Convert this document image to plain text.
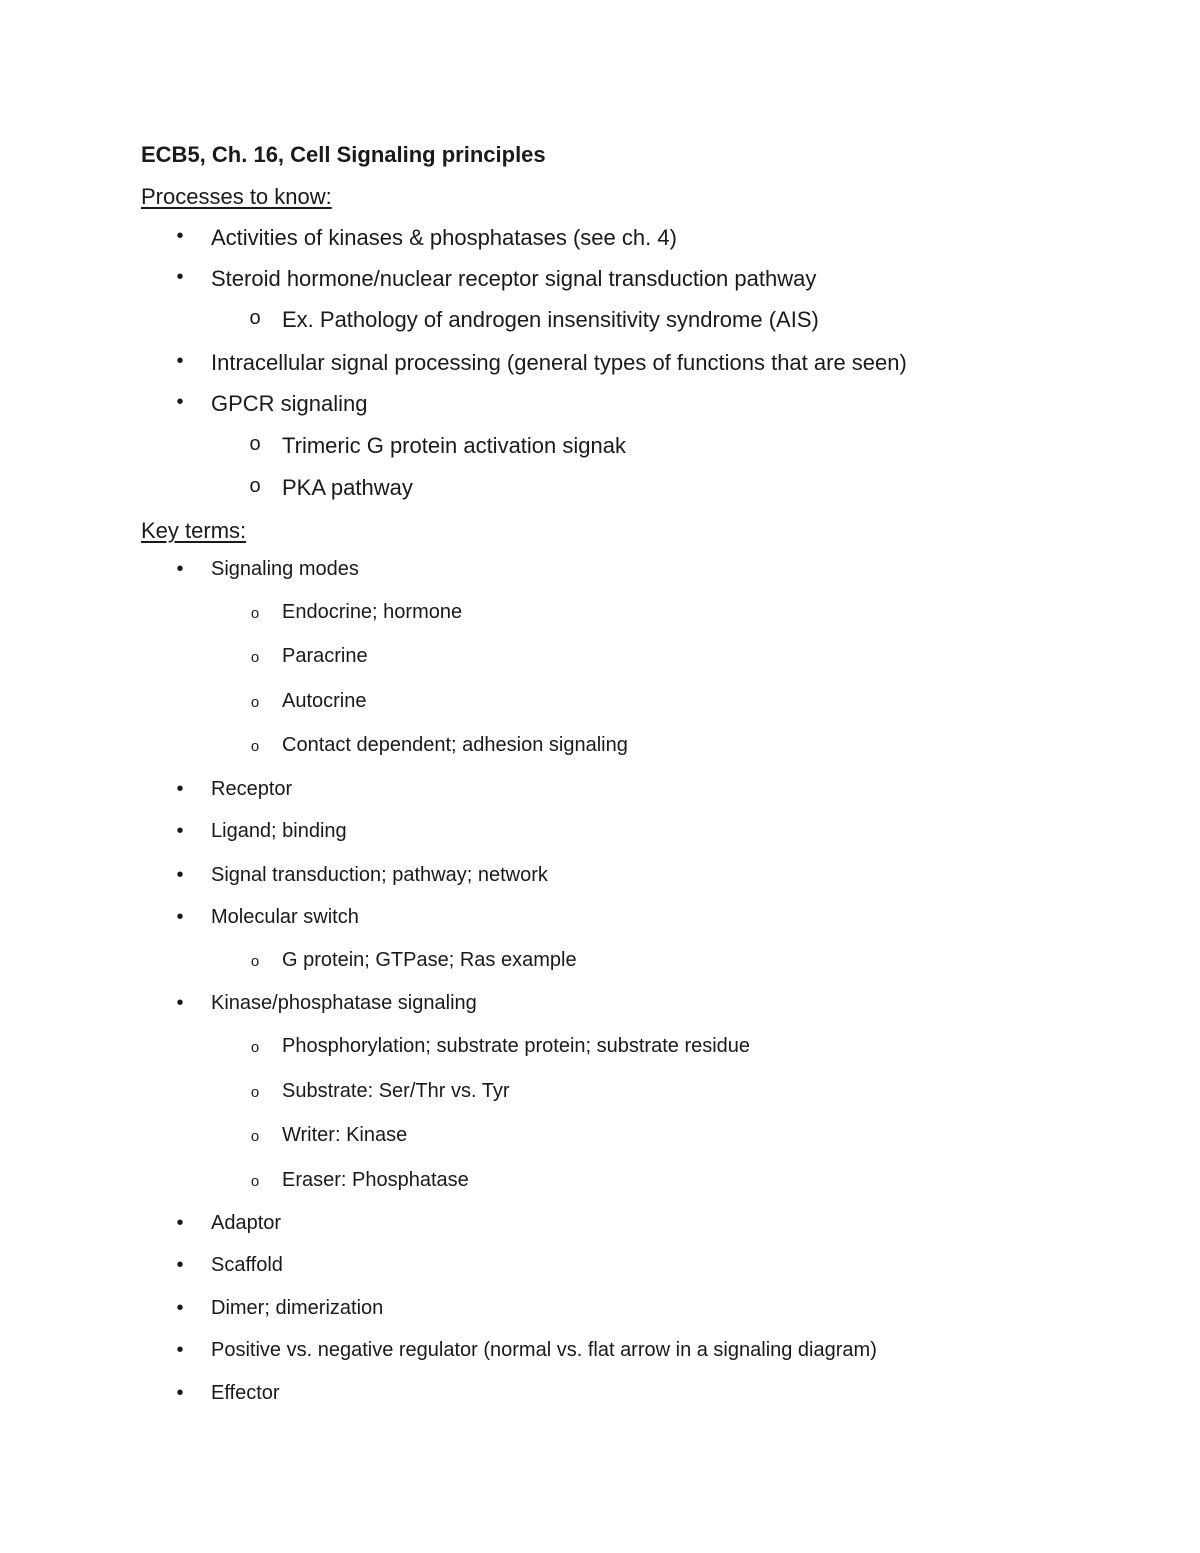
ECB5, Ch. 16, Cell Signaling principles
Processes to know:
• Activities of kinases & phosphatases (see ch. 4)
• Steroid hormone/nuclear receptor signal transduction pathway
o Ex. Pathology of androgen insensitivity syndrome (AIS)
• Intracellular signal processing (general types of functions that are seen)
• GPCR signaling
o Trimeric G protein activation signak
o PKA pathway
Key terms:
•	Signaling modes
o Endocrine; hormone
o Paracrine
o Autocrine
o Contact dependent; adhesion signaling
•	Receptor
•	Ligand; binding
•	Signal transduction; pathway; network
•	Molecular switch
o G protein; GTPase; Ras example
•	Kinase/phosphatase signaling
o Phosphorylation; substrate protein; substrate residue
o Substrate: Ser/Thr vs. Tyr
o Writer: Kinase
o Eraser: Phosphatase
•	Adaptor
•	Scaffold
•	Dimer; dimerization
•	Positive vs. negative regulator (normal vs. flat arrow in a signaling diagram)
•	Effector
